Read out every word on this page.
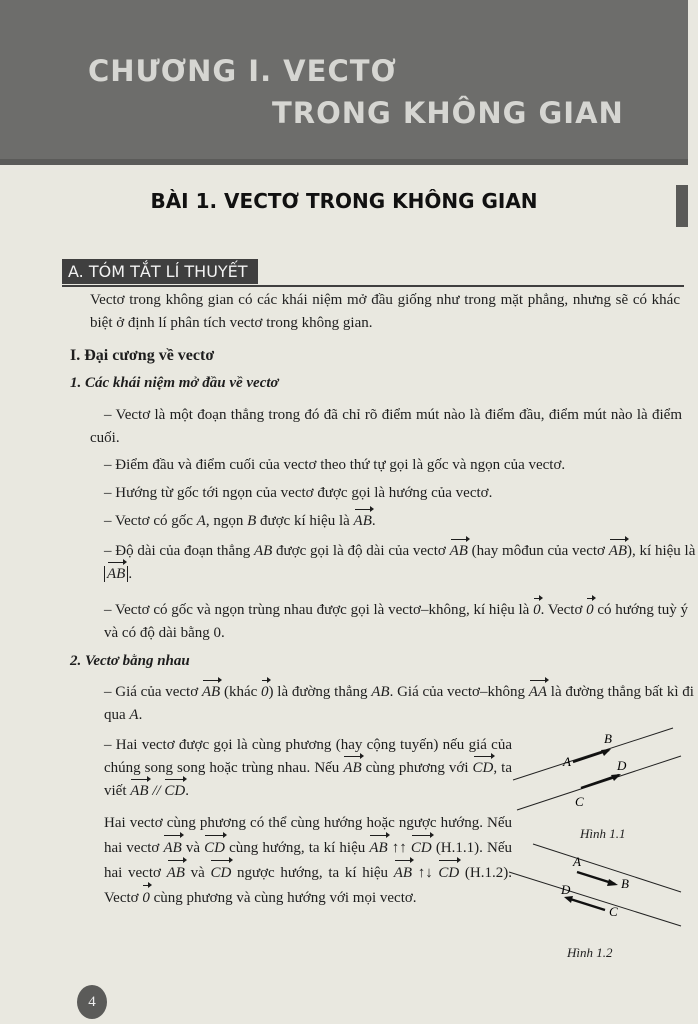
CHƯƠNG I. VECTƠ
TRONG KHÔNG GIAN
BÀI 1. VECTƠ TRONG KHÔNG GIAN
A. TÓM TẮT LÍ THUYẾT

Vectơ trong không gian có các khái niệm mở đầu giống như trong mặt phẳng, nhưng sẽ có khác biệt ở định lí phân tích vectơ trong không gian.

I. Đại cương về vectơ

1. Các khái niệm mở đầu về vectơ

– Vectơ là một đoạn thẳng trong đó đã chỉ rõ điểm mút nào là điểm đầu, điểm mút nào là điểm cuối.

– Điểm đầu và điểm cuối của vectơ theo thứ tự gọi là gốc và ngọn của vectơ.

– Hướng từ gốc tới ngọn của vectơ được gọi là hướng của vectơ.

– Vectơ có gốc A, ngọn B được kí hiệu là AB.

– Độ dài của đoạn thẳng AB được gọi là độ dài của vectơ AB (hay môđun của vectơ AB), kí hiệu là AB .

– Vectơ có gốc và ngọn trùng nhau được gọi là vectơ–không, kí hiệu là 0. Vectơ 0 có hướng tuỳ ý và có độ dài bằng 0.

2. Vectơ bằng nhau

– Giá của vectơ AB (khác 0) là đường thẳng AB. Giá của vectơ–không AA là đường thẳng bất kì đi qua A.

– Hai vectơ được gọi là cùng phương (hay cộng tuyến) nếu giá của chúng song song hoặc trùng nhau. Nếu AB cùng phương với CD, ta viết AB // CD.

Hai vectơ cùng phương có thể cùng hướng hoặc ngược hướng. Nếu hai vectơ AB và CD cùng hướng, ta kí hiệu AB ↑↑ CD (H.1.1). Nếu hai vectơ AB và CD ngược hướng, ta kí hiệu AB ↑↓ CD (H.1.2). Vectơ 0 cùng phương và cùng hướng với mọi vectơ.

A
B
C
D
Hình 1.1
A
B
C
D
Hình 1.2
4
